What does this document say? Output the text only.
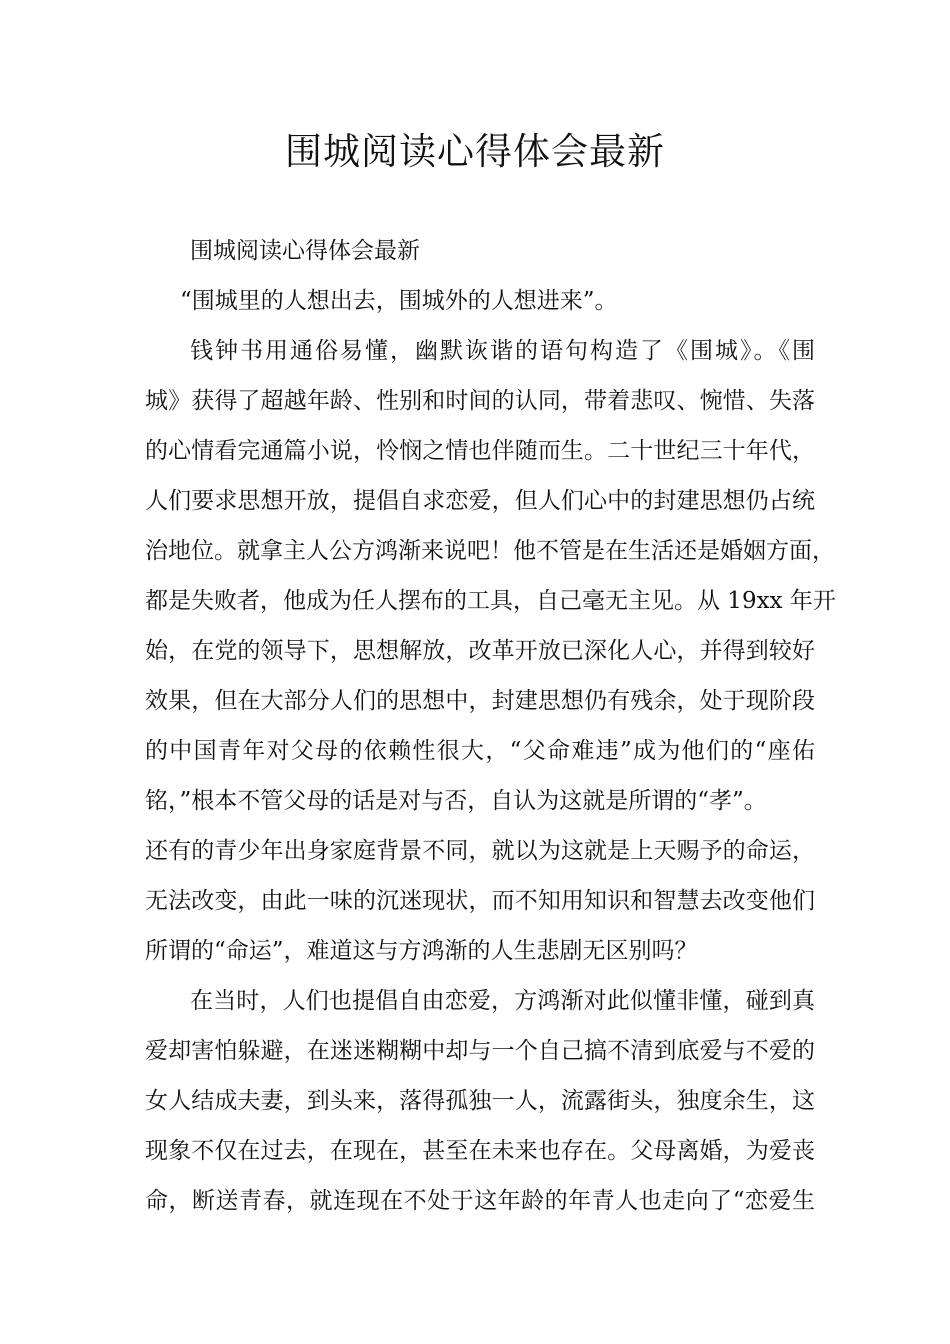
围城阅读心得体会最新

围城阅读心得体会最新

“围城里的人想出去，围城外的人想进来”。

钱钟书用通俗易懂，幽默诙谐的语句构造了《围城》。《围

城》获得了超越年龄、性别和时间的认同，带着悲叹、惋惜、失落

的心情看完通篇小说，怜悯之情也伴随而生。二十世纪三十年代，

人们要求思想开放，提倡自求恋爱，但人们心中的封建思想仍占统

治地位。就拿主人公方鸿渐来说吧！他不管是在生活还是婚姻方面，

都是失败者，他成为任人摆布的工具，自己毫无主见。从 19xx 年开

始，在党的领导下，思想解放，改革开放已深化人心，并得到较好

效果，但在大部分人们的思想中，封建思想仍有残余，处于现阶段

的中国青年对父母的依赖性很大，“父命难违”成为他们的“座佑

铭，”根本不管父母的话是对与否，自认为这就是所谓的“孝”。

还有的青少年出身家庭背景不同，就以为这就是上天赐予的命运，

无法改变，由此一味的沉迷现状，而不知用知识和智慧去改变他们

所谓的“命运”，难道这与方鸿渐的人生悲剧无区别吗？

在当时，人们也提倡自由恋爱，方鸿渐对此似懂非懂，碰到真

爱却害怕躲避，在迷迷糊糊中却与一个自己搞不清到底爱与不爱的

女人结成夫妻，到头来，落得孤独一人，流露街头，独度余生，这

现象不仅在过去，在现在，甚至在未来也存在。父母离婚，为爱丧

命，断送青春，就连现在不处于这年龄的年青人也走向了“恋爱生
